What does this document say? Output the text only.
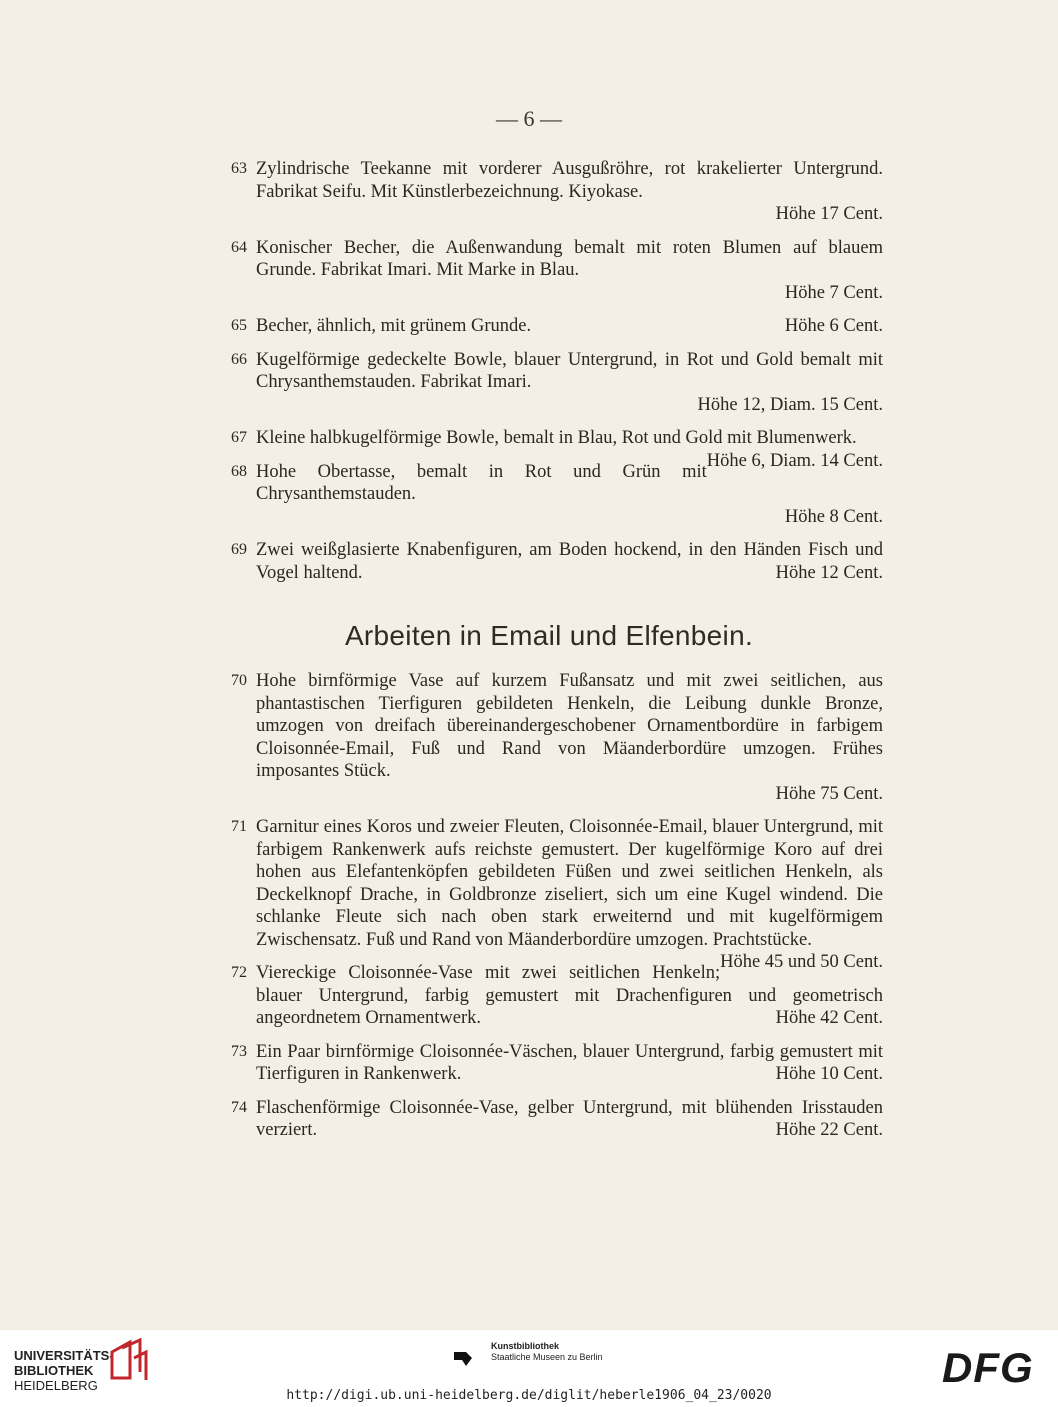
— 6 —
63 Zylindrische Teekanne mit vorderer Ausgußröhre, rot krakelierter Untergrund. Fabrikat Seifu. Mit Künstlerbezeichnung. Kiyokase.
Höhe 17 Cent.
64 Konischer Becher, die Außenwandung bemalt mit roten Blumen auf blauem Grunde. Fabrikat Imari. Mit Marke in Blau.
Höhe 7 Cent.
65 Becher, ähnlich, mit grünem Grunde.	Höhe 6 Cent.
66 Kugelförmige gedeckelte Bowle, blauer Untergrund, in Rot und Gold bemalt mit Chrysanthemstauden. Fabrikat Imari.
Höhe 12, Diam. 15 Cent.
67 Kleine halbkugelförmige Bowle, bemalt in Blau, Rot und Gold mit Blumenwerk.
Höhe 6, Diam. 14 Cent.
68 Hohe Obertasse, bemalt in Rot und Grün mit Chrysanthemstauden.
Höhe 8 Cent.
69 Zwei weißglasierte Knabenfiguren, am Boden hockend, in den Händen Fisch und Vogel haltend.	Höhe 12 Cent.
Arbeiten in Email und Elfenbein.
70 Hohe birnförmige Vase auf kurzem Fußansatz und mit zwei seitlichen, aus phantastischen Tierfiguren gebildeten Henkeln, die Leibung dunkle Bronze, umzogen von dreifach übereinandergeschobener Ornamentbordüre in farbigem Cloisonnée-Email, Fuß und Rand von Mäanderbordüre umzogen. Frühes imposantes Stück.
Höhe 75 Cent.
71 Garnitur eines Koros und zweier Fleuten, Cloisonnée-Email, blauer Untergrund, mit farbigem Rankenwerk aufs reichste gemustert. Der kugelförmige Koro auf drei hohen aus Elefantenköpfen gebildeten Füßen und zwei seitlichen Henkeln, als Deckelknopf Drache, in Goldbronze ziseliert, sich um eine Kugel windend. Die schlanke Fleute sich nach oben stark erweiternd und mit kugelförmigem Zwischensatz. Fuß und Rand von Mäanderbordüre umzogen. Prachtstücke.
Höhe 45 und 50 Cent.
72 Viereckige Cloisonnée-Vase mit zwei seitlichen Henkeln; blauer Untergrund, farbig gemustert mit Drachenfiguren und geometrisch angeordnetem Ornamentwerk.	Höhe 42 Cent.
73 Ein Paar birnförmige Cloisonnée-Väschen, blauer Untergrund, farbig gemustert mit Tierfiguren in Rankenwerk.	Höhe 10 Cent.
74 Flaschenförmige Cloisonnée-Vase, gelber Untergrund, mit blühenden Irisstauden verziert.	Höhe 22 Cent.
UNIVERSITÄTS-
BIBLIOTHEK
HEIDELBERG
Kunstbibliothek
Staatliche Museen zu Berlin	DFG
http://digi.ub.uni-heidelberg.de/diglit/heberle1906_04_23/0020
